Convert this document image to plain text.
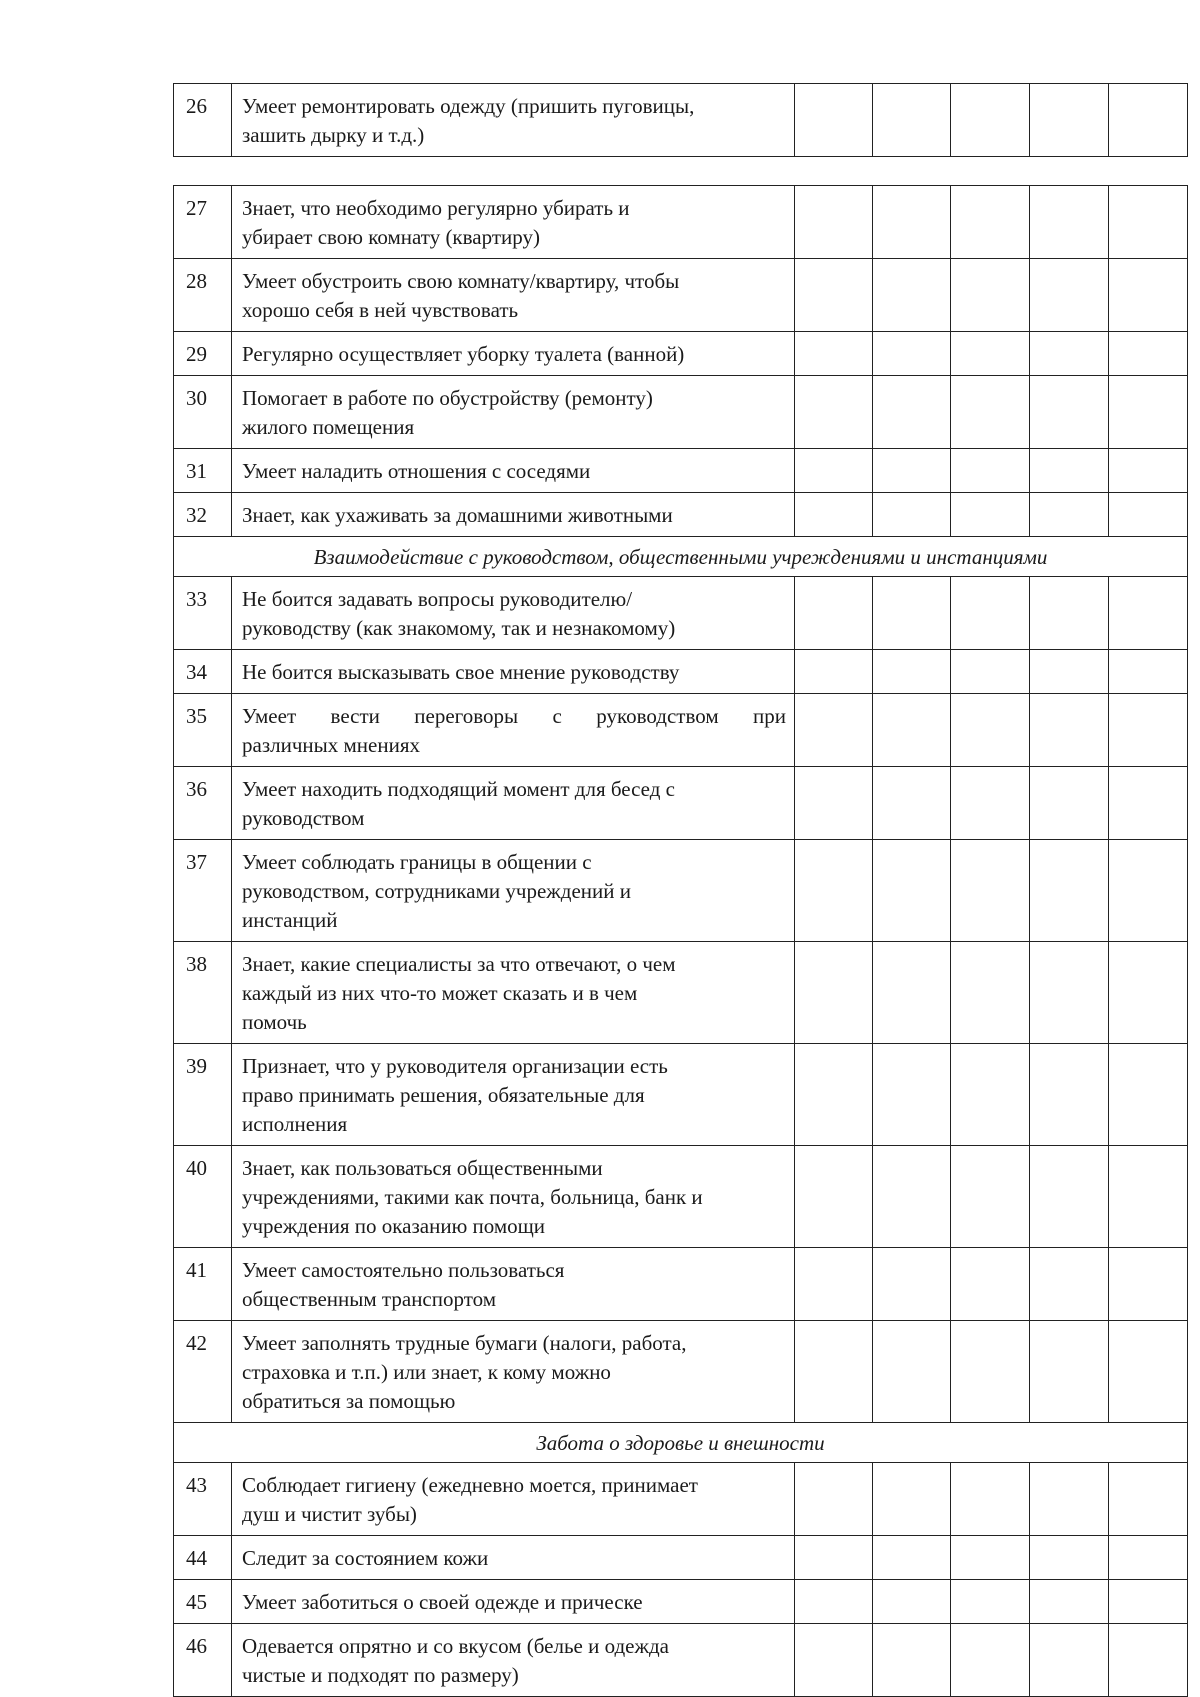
26	Умеет ремонтировать одежду (пришить пуговицы,
зашить дырку и т.д.)

27	Знает, что необходимо регулярно убирать и
убирает свою комнату (квартиру)					

28	Умеет обустроить свою комнату/квартиру, чтобы
хорошо себя в ней чувствовать					

29	Регулярно осуществляет уборку туалета (ванной)					

30	Помогает в работе по обустройству (ремонту)
жилого помещения					

31	Умеет наладить отношения с соседями					

32	Знает, как ухаживать за домашними животными					

Взаимодействие с руководством, общественными учреждениями и инстанциями						
33	Не боится задавать вопросы руководителю/
руководству (как знакомому, так и незнакомому)					

34	Не боится высказывать свое мнение руководству					

35	Умеет вести переговоры с руководством при
различных мнениях					

36	Умеет находить подходящий момент для бесед с
руководством					

37	Умеет соблюдать границы в общении с
руководством, сотрудниками учреждений и
инстанций					

38	Знает, какие специалисты за что отвечают, о чем
каждый из них что-то может сказать и в чем
помочь					

39	Признает, что у руководителя организации есть
право принимать решения, обязательные для
исполнения					

40	Знает, как пользоваться общественными
учреждениями, такими как почта, больница, банк и
учреждения по оказанию помощи					

41	Умеет самостоятельно пользоваться
общественным транспортом					

42	Умеет заполнять трудные бумаги (налоги, работа,
страховка и т.п.) или знает, к кому можно
обратиться за помощью					

Забота о здоровье и внешности						
43	Соблюдает гигиену (ежедневно моется, принимает
душ и чистит зубы)					

44	Следит за состоянием кожи					

45	Умеет заботиться о своей одежде и прическе					

46	Одевается опрятно и со вкусом (белье и одежда
чистые и подходят по размеру)					
